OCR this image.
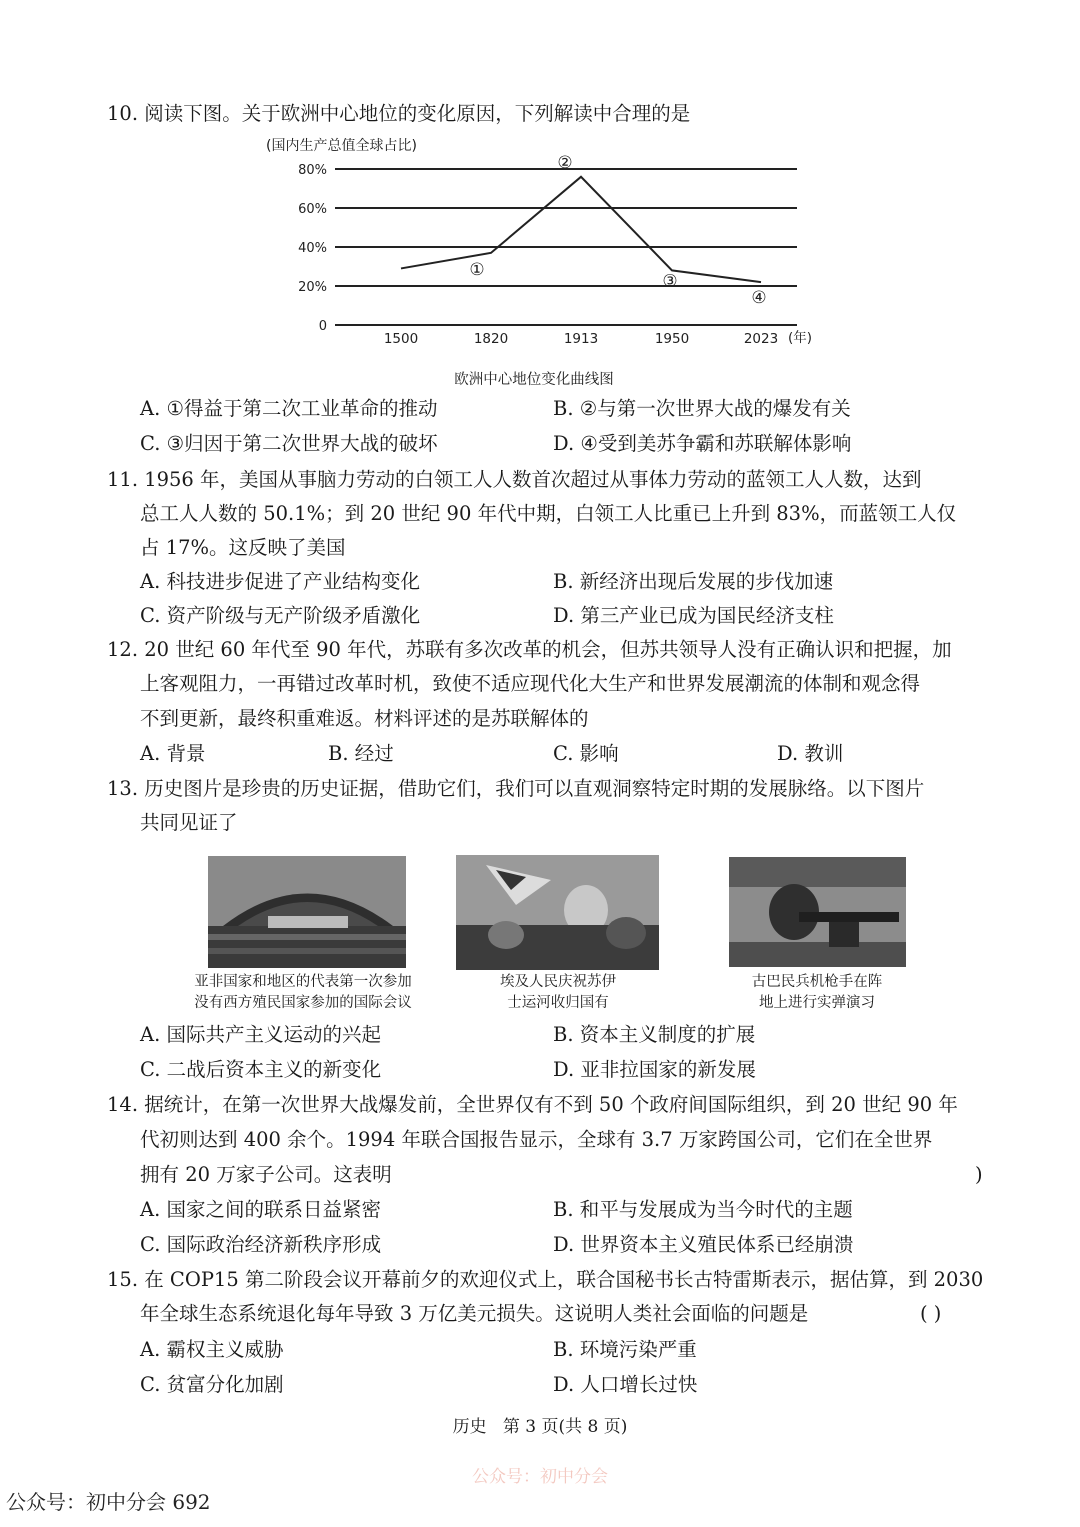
10. 阅读下图。关于欧洲中心地位的变化原因，下列解读中合理的是
(国内生产总值全球占比)
0
20%
40%
60%
80%
1500	1820	1913	1950	2023 (年)
①
②
③
④
欧洲中心地位变化曲线图
A. ①得益于第二次工业革命的推动	B. ②与第一次世界大战的爆发有关
C. ③归因于第二次世界大战的破坏	D. ④受到美苏争霸和苏联解体影响
11. 1956 年，美国从事脑力劳动的白领工人人数首次超过从事体力劳动的蓝领工人人数，达到
总工人人数的 50.1%；到 20 世纪 90 年代中期，白领工人比重已上升到 83%，而蓝领工人仅
占 17%。这反映了美国
A. 科技进步促进了产业结构变化	B. 新经济出现后发展的步伐加速
C. 资产阶级与无产阶级矛盾激化	D. 第三产业已成为国民经济支柱
12. 20 世纪 60 年代至 90 年代，苏联有多次改革的机会，但苏共领导人没有正确认识和把握，加
上客观阻力，一再错过改革时机，致使不适应现代化大生产和世界发展潮流的体制和观念得
不到更新，最终积重难返。材料评述的是苏联解体的
A. 背景	B. 经过	C. 影响	D. 教训
13. 历史图片是珍贵的历史证据，借助它们，我们可以直观洞察特定时期的发展脉络。以下图片
共同见证了
亚非国家和地区的代表第一次参加
没有西方殖民国家参加的国际会议
埃及人民庆祝苏伊
士运河收归国有
古巴民兵机枪手在阵
地上进行实弹演习
A. 国际共产主义运动的兴起	B. 资本主义制度的扩展
C. 二战后资本主义的新变化	D. 亚非拉国家的新发展
14. 据统计，在第一次世界大战爆发前，全世界仅有不到 50 个政府间国际组织，到 20 世纪 90 年
代初则达到 400 余个。1994 年联合国报告显示，全球有 3.7 万家跨国公司，它们在全世界
拥有 20 万家子公司。这表明	)
A. 国家之间的联系日益紧密	B. 和平与发展成为当今时代的主题
C. 国际政治经济新秩序形成	D. 世界资本主义殖民体系已经崩溃
15. 在 COP15 第二阶段会议开幕前夕的欢迎仪式上，联合国秘书长古特雷斯表示，据估算，到 2030
年全球生态系统退化每年导致 3 万亿美元损失。这说明人类社会面临的问题是	( )
A. 霸权主义威胁	B. 环境污染严重
C. 贫富分化加剧	D. 人口增长过快
历史   第 3 页(共 8 页)
公众号：初中分会
公众号：初中分会 692
